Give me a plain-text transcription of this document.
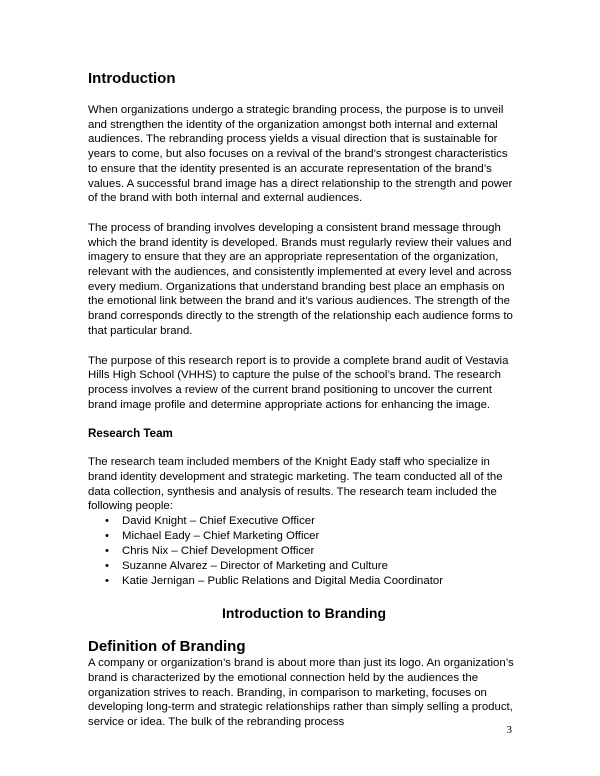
Introduction

When organizations undergo a strategic branding process, the purpose is to unveil and strengthen the identity of the organization amongst both internal and external audiences. The rebranding process yields a visual direction that is sustainable for years to come, but also focuses on a revival of the brand’s strongest characteristics to ensure that the identity presented is an accurate representation of the brand’s values. A successful brand image has a direct relationship to the strength and power of the brand with both internal and external audiences.

The process of branding involves developing a consistent brand message through which the brand identity is developed. Brands must regularly review their values and imagery to ensure that they are an appropriate representation of the organization, relevant with the audiences, and consistently implemented at every level and across every medium. Organizations that understand branding best place an emphasis on the emotional link between the brand and it’s various audiences. The strength of the brand corresponds directly to the strength of the relationship each audience forms to that particular brand.

The purpose of this research report is to provide a complete brand audit of Vestavia Hills High School (VHHS) to capture the pulse of the school’s brand. The research process involves a review of the current brand positioning to uncover the current brand image profile and determine appropriate actions for enhancing the image.

Research Team

The research team included members of the Knight Eady staff who specialize in brand identity development and strategic marketing. The team conducted all of the data collection, synthesis and analysis of results. The research team included the following people:

• David Knight – Chief Executive Officer
• Michael Eady – Chief Marketing Officer
• Chris Nix – Chief Development Officer
• Suzanne Alvarez – Director of Marketing and Culture
• Katie Jernigan – Public Relations and Digital Media Coordinator
Introduction to Branding
Definition of Branding

A company or organization’s brand is about more than just its logo. An organization’s brand is characterized by the emotional connection held by the audiences the organization strives to reach. Branding, in comparison to marketing, focuses on developing long-term and strategic relationships rather than simply selling a product, service or idea. The bulk of the rebranding process

3
